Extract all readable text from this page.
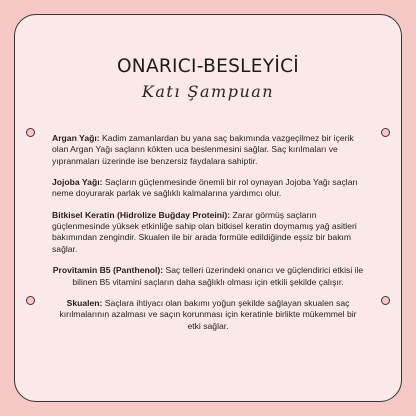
ONARICI-BESLEYİCİ
Katı Şampuan

Argan Yağı: Kadim zamanlardan bu yana saç bakımında vazgeçilmez bir içerik olan Argan Yağı saçların kökten uca beslenmesini sağlar. Saç kırılmaları ve yıpranmaları üzerinde ise benzersiz faydalara sahiptir.

Jojoba Yağı: Saçların güçlenmesinde önemli bir rol oynayan Jojoba Yağı saçları neme doyurarak parlak ve sağlıklı kalmalarına yardımcı olur.

Bitkisel Keratin (Hidrolize Buğday Proteini): Zarar görmüş saçların güçlenmesinde yüksek etkinliğe sahip olan bitkisel keratin doymamış yağ asitleri bakımından zengindir. Skualen ile bir arada formüle edildiğinde eşsiz bir bakım sağlar.

Provitamin B5 (Panthenol): Saç telleri üzerindeki onarıcı ve güçlendirici etkisi ile bilinen B5 vitamini saçların daha sağlıklı olması için etkili şekilde çalışır.

Skualen: Saçlara ihtiyacı olan bakımı yoğun şekilde sağlayan skualen saç kırılmalarının azalması ve saçın korunması için keratinle birlikte mükemmel bir etki sağlar.
